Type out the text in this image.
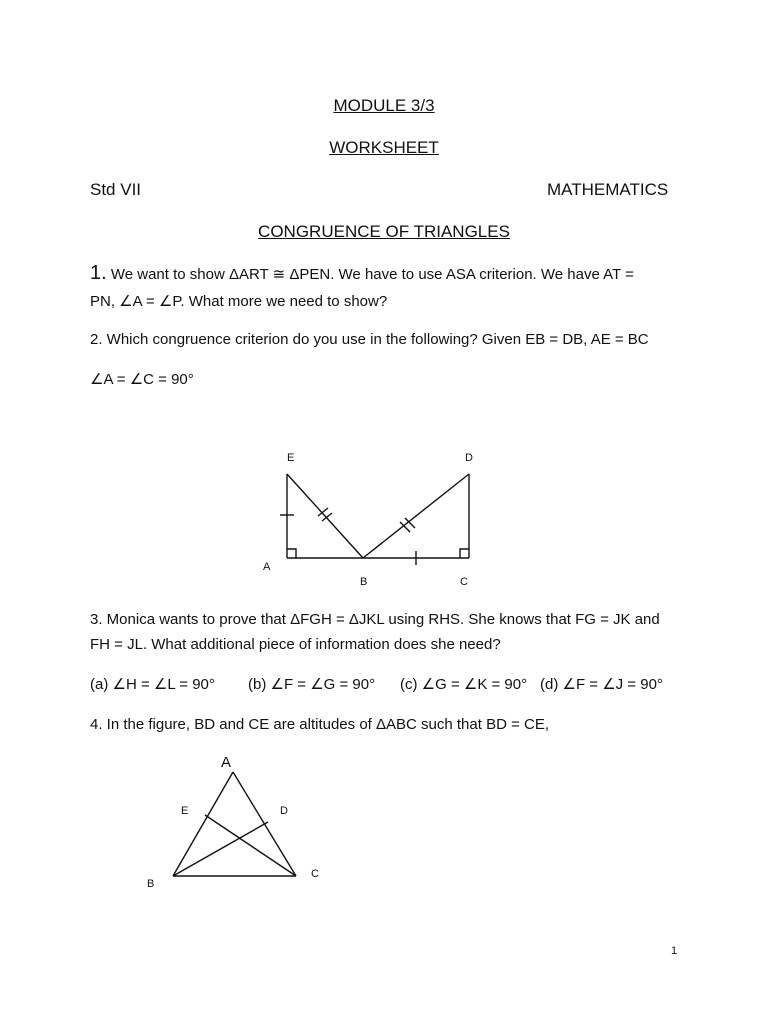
MODULE 3/3
WORKSHEET
Std VII	MATHEMATICS
CONGRUENCE OF TRIANGLES
1. We want to show ΔART ≅ ΔPEN. We have to use ASA criterion. We have AT =
PN, ∠A = ∠P. What more we need to show?
2. Which congruence criterion do you use in the following? Given EB = DB, AE = BC
∠A = ∠C = 90°
E	D
A
B	C
3. Monica wants to prove that ΔFGH = ΔJKL using RHS. She knows that FG = JK and
FH = JL. What additional piece of information does she need?
(a) ∠H = ∠L = 90° (b) ∠F = ∠G = 90° (c) ∠G = ∠K = 90° (d) ∠F = ∠J = 90°
4. In the figure, BD and CE are altitudes of ΔABC such that BD = CE,
A
E	D
B
C
1
